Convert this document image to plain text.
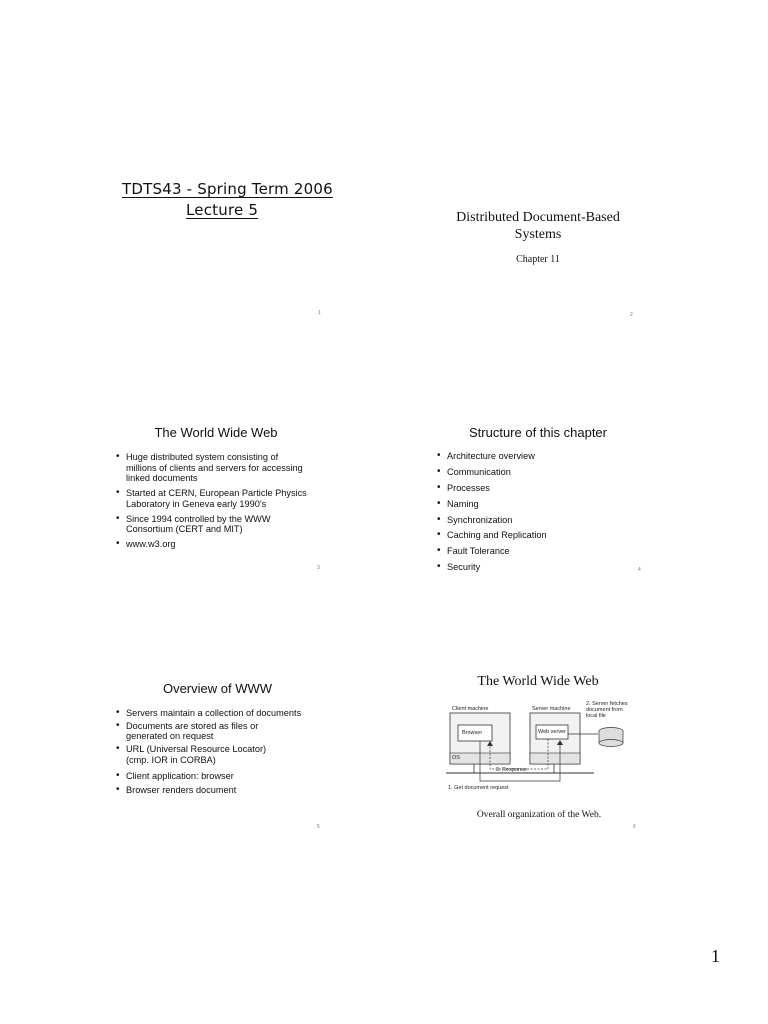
TDTS43 - Spring Term 2006
Lecture 5
1
Distributed Document-Based
Systems
Chapter 11
2
The World Wide Web
• Huge distributed system consisting of
millions of clients and servers for accessing
linked documents
• Started at CERN, European Particle Physics
Laboratory in Geneva early 1990's
• Since 1994 controlled by the WWW
Consortium (CERT and MIT)
• www.w3.org
3
Structure of this chapter
• Architecture overview
• Communication
• Processes
• Naming
• Synchronization
• Caching and Replication
• Fault Tolerance
• Security	4
Overview of WWW
• Servers maintain a collection of documents
• Documents are stored as files or
generated on request
• URL (Universal Resource Locator)
(cmp. IOR in CORBA)
• Client application: browser
• Browser renders document
5
The World Wide Web
Client machine	Server machine
Browser	Web server
OS
3. Response
1. Get document request
2. Server fetches
document from
local file
Overall organization of the Web.
6
1
